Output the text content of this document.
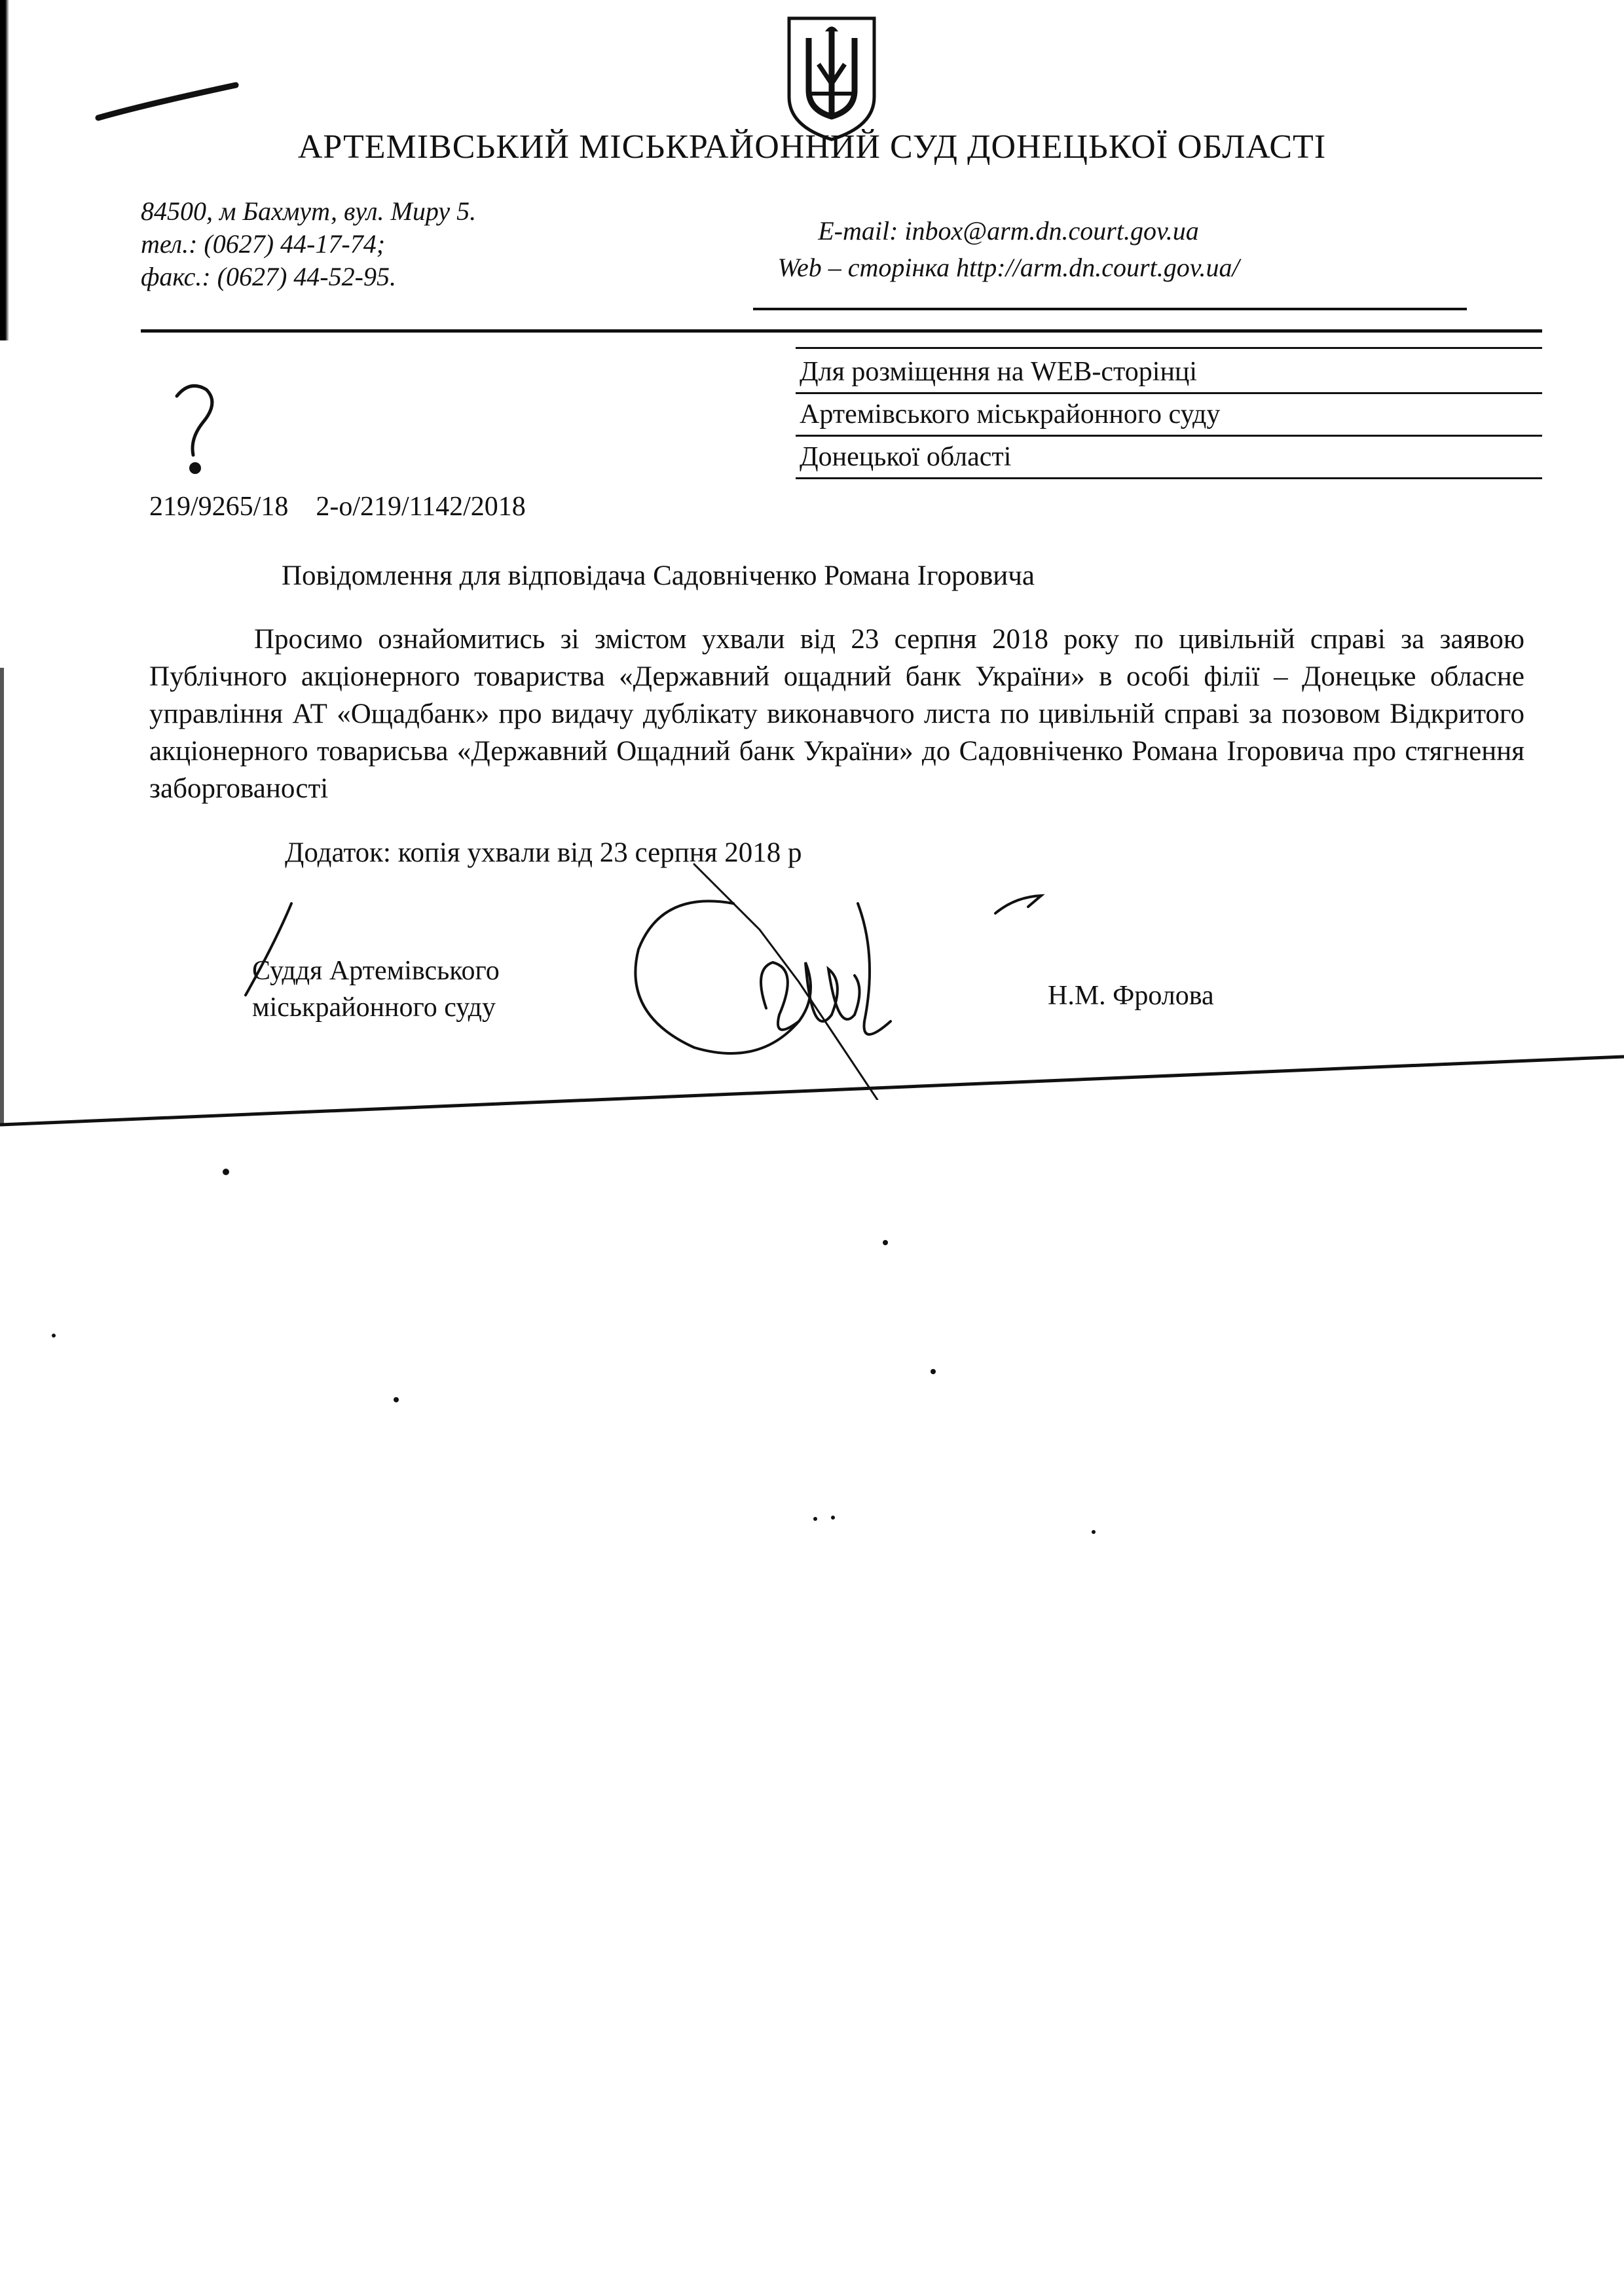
АРТЕМІВСЬКИЙ МІСЬКРАЙОННИЙ СУД ДОНЕЦЬКОЇ ОБЛАСТІ
84500, м Бахмут, вул. Миру 5.
тел.: (0627) 44-17-74;
факс.: (0627) 44-52-95.
E-mail: inbox@arm.dn.court.gov.ua
Web – сторінка http://arm.dn.court.gov.ua/
Для розміщення на WEB-сторінці
Артемівського міськрайонного суду
Донецької області
219/9265/18    2-о/219/1142/2018
Повідомлення для відповідача Садовніченко Романа Ігоровича
Просимо ознайомитись зі змістом ухвали від 23 серпня 2018 року по цивільній справі за заявою Публічного акціонерного товариства «Державний ощадний банк України» в особі філії – Донецьке обласне управління АТ «Ощадбанк» про видачу дублікату виконавчого листа по цивільній справі за позовом Відкритого акціонерного товарисьва «Державний Ощадний банк України» до Садовніченко Романа Ігоровича про стягнення заборгованості
Додаток: копія ухвали від 23 серпня 2018 р
Суддя Артемівського
міськрайонного суду	Н.М. Фролова
